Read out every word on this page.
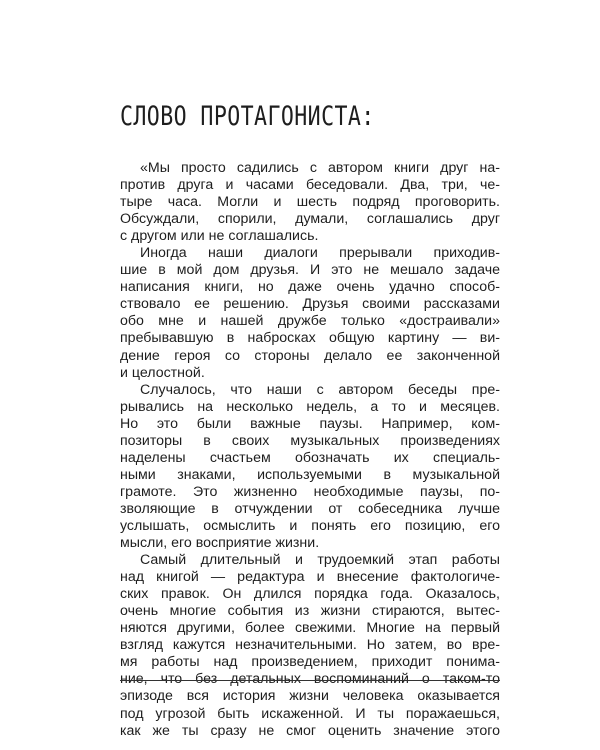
СЛОВО ПРОТАГОНИСТА:

«Мы просто садились с автором книги друг на-
против друга и часами беседовали. Два, три, че-
тыре часа. Могли и шесть подряд проговорить.
Обсуждали, спорили, думали, соглашались друг
с другом или не соглашались.

Иногда наши диалоги прерывали приходив-
шие в мой дом друзья. И это не мешало задаче
написания книги, но даже очень удачно способ-
ствовало ее решению. Друзья своими рассказами
обо мне и нашей дружбе только «достраивали»
пребывавшую в набросках общую картину — ви-
дение героя со стороны делало ее законченной
и целостной.

Случалось, что наши с автором беседы пре-
рывались на несколько недель, а то и месяцев.
Но это были важные паузы. Например, ком-
позиторы в своих музыкальных произведениях
наделены счастьем обозначать их специаль-
ными знаками, используемыми в музыкальной
грамоте. Это жизненно необходимые паузы, по-
зволяющие в отчуждении от собеседника лучше
услышать, осмыслить и понять его позицию, его
мысли, его восприятие жизни.

Самый длительный и трудоемкий этап работы
над книгой — редактура и внесение фактологиче-
ских правок. Он длился порядка года. Оказалось,
очень многие события из жизни стираются, вытес-
няются другими, более свежими. Многие на первый
взгляд кажутся незначительными. Но затем, во вре-
мя работы над произведением, приходит понима-
ние, что без детальных воспоминаний о таком-то
эпизоде вся история жизни человека оказывается
под угрозой быть искаженной. И ты поражаешься,
как же ты сразу не смог оценить значение этого
